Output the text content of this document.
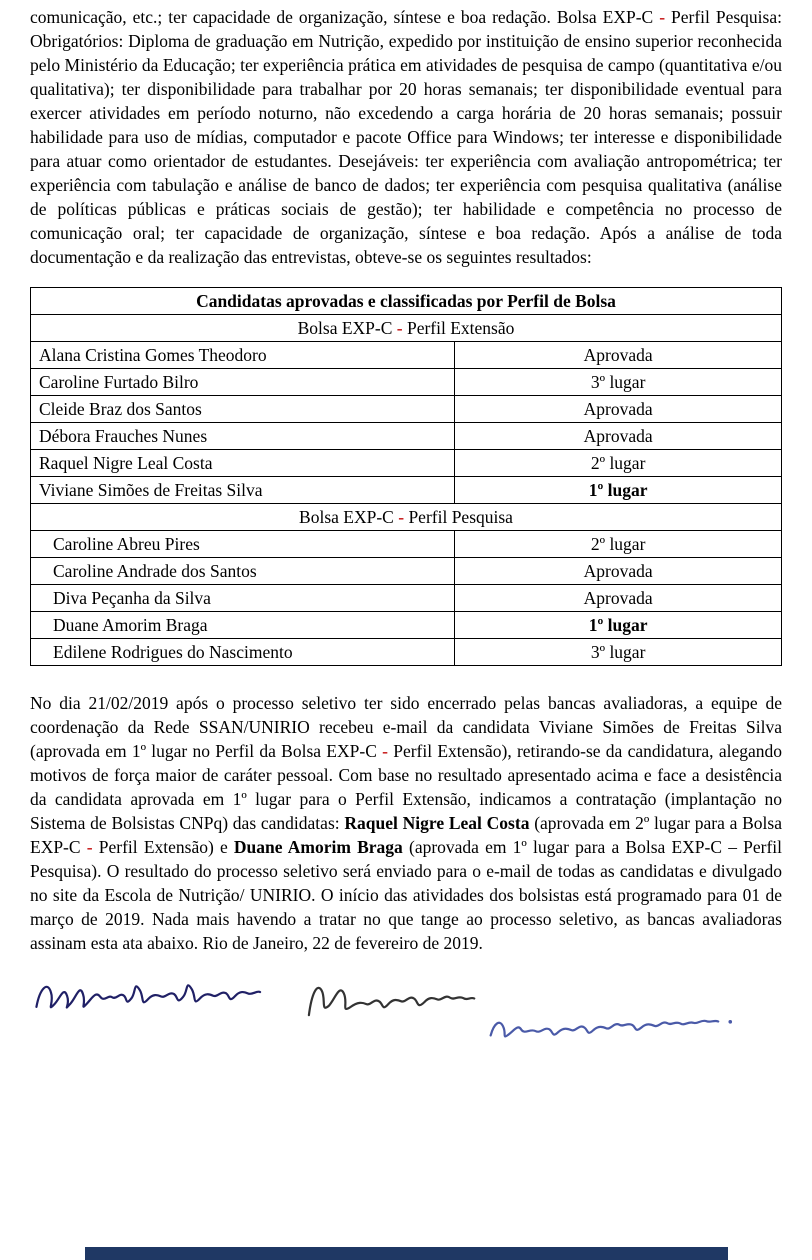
comunicação, etc.; ter capacidade de organização, síntese e boa redação. Bolsa EXP-C - Perfil Pesquisa: Obrigatórios: Diploma de graduação em Nutrição, expedido por instituição de ensino superior reconhecida pelo Ministério da Educação; ter experiência prática em atividades de pesquisa de campo (quantitativa e/ou qualitativa); ter disponibilidade para trabalhar por 20 horas semanais; ter disponibilidade eventual para exercer atividades em período noturno, não excedendo a carga horária de 20 horas semanais; possuir habilidade para uso de mídias, computador e pacote Office para Windows; ter interesse e disponibilidade para atuar como orientador de estudantes. Desejáveis: ter experiência com avaliação antropométrica; ter experiência com tabulação e análise de banco de dados; ter experiência com pesquisa qualitativa (análise de políticas públicas e práticas sociais de gestão); ter habilidade e competência no processo de comunicação oral; ter capacidade de organização, síntese e boa redação. Após a análise de toda documentação e da realização das entrevistas, obteve-se os seguintes resultados:

Candidatas aprovadas e classificadas por Perfil de Bolsa	
Bolsa EXP-C - Perfil Extensão	
Alana Cristina Gomes Theodoro	Aprovada
Caroline Furtado Bilro	3º lugar
Cleide Braz dos Santos	Aprovada
Débora Frauches Nunes	Aprovada
Raquel Nigre Leal Costa	2º lugar
Viviane Simões de Freitas Silva	1º lugar
Bolsa EXP-C - Perfil Pesquisa	
Caroline Abreu Pires	2º lugar
Caroline Andrade dos Santos	Aprovada
Diva Peçanha da Silva	Aprovada
Duane Amorim Braga	1º lugar
Edilene Rodrigues do Nascimento	3º lugar

No dia 21/02/2019 após o processo seletivo ter sido encerrado pelas bancas avaliadoras, a equipe de coordenação da Rede SSAN/UNIRIO recebeu e-mail da candidata Viviane Simões de Freitas Silva (aprovada em 1º lugar no Perfil da Bolsa EXP-C - Perfil Extensão), retirando-se da candidatura, alegando motivos de força maior de caráter pessoal. Com base no resultado apresentado acima e face a desistência da candidata aprovada em 1º lugar para o Perfil Extensão, indicamos a contratação (implantação no Sistema de Bolsistas CNPq) das candidatas: Raquel Nigre Leal Costa (aprovada em 2º lugar para a Bolsa EXP-C - Perfil Extensão) e Duane Amorim Braga (aprovada em 1º lugar para a Bolsa EXP-C – Perfil Pesquisa). O resultado do processo seletivo será enviado para o e-mail de todas as candidatas e divulgado no site da Escola de Nutrição/ UNIRIO. O início das atividades dos bolsistas está programado para 01 de março de 2019. Nada mais havendo a tratar no que tange ao processo seletivo, as bancas avaliadoras assinam esta ata abaixo. Rio de Janeiro, 22 de fevereiro de 2019.
